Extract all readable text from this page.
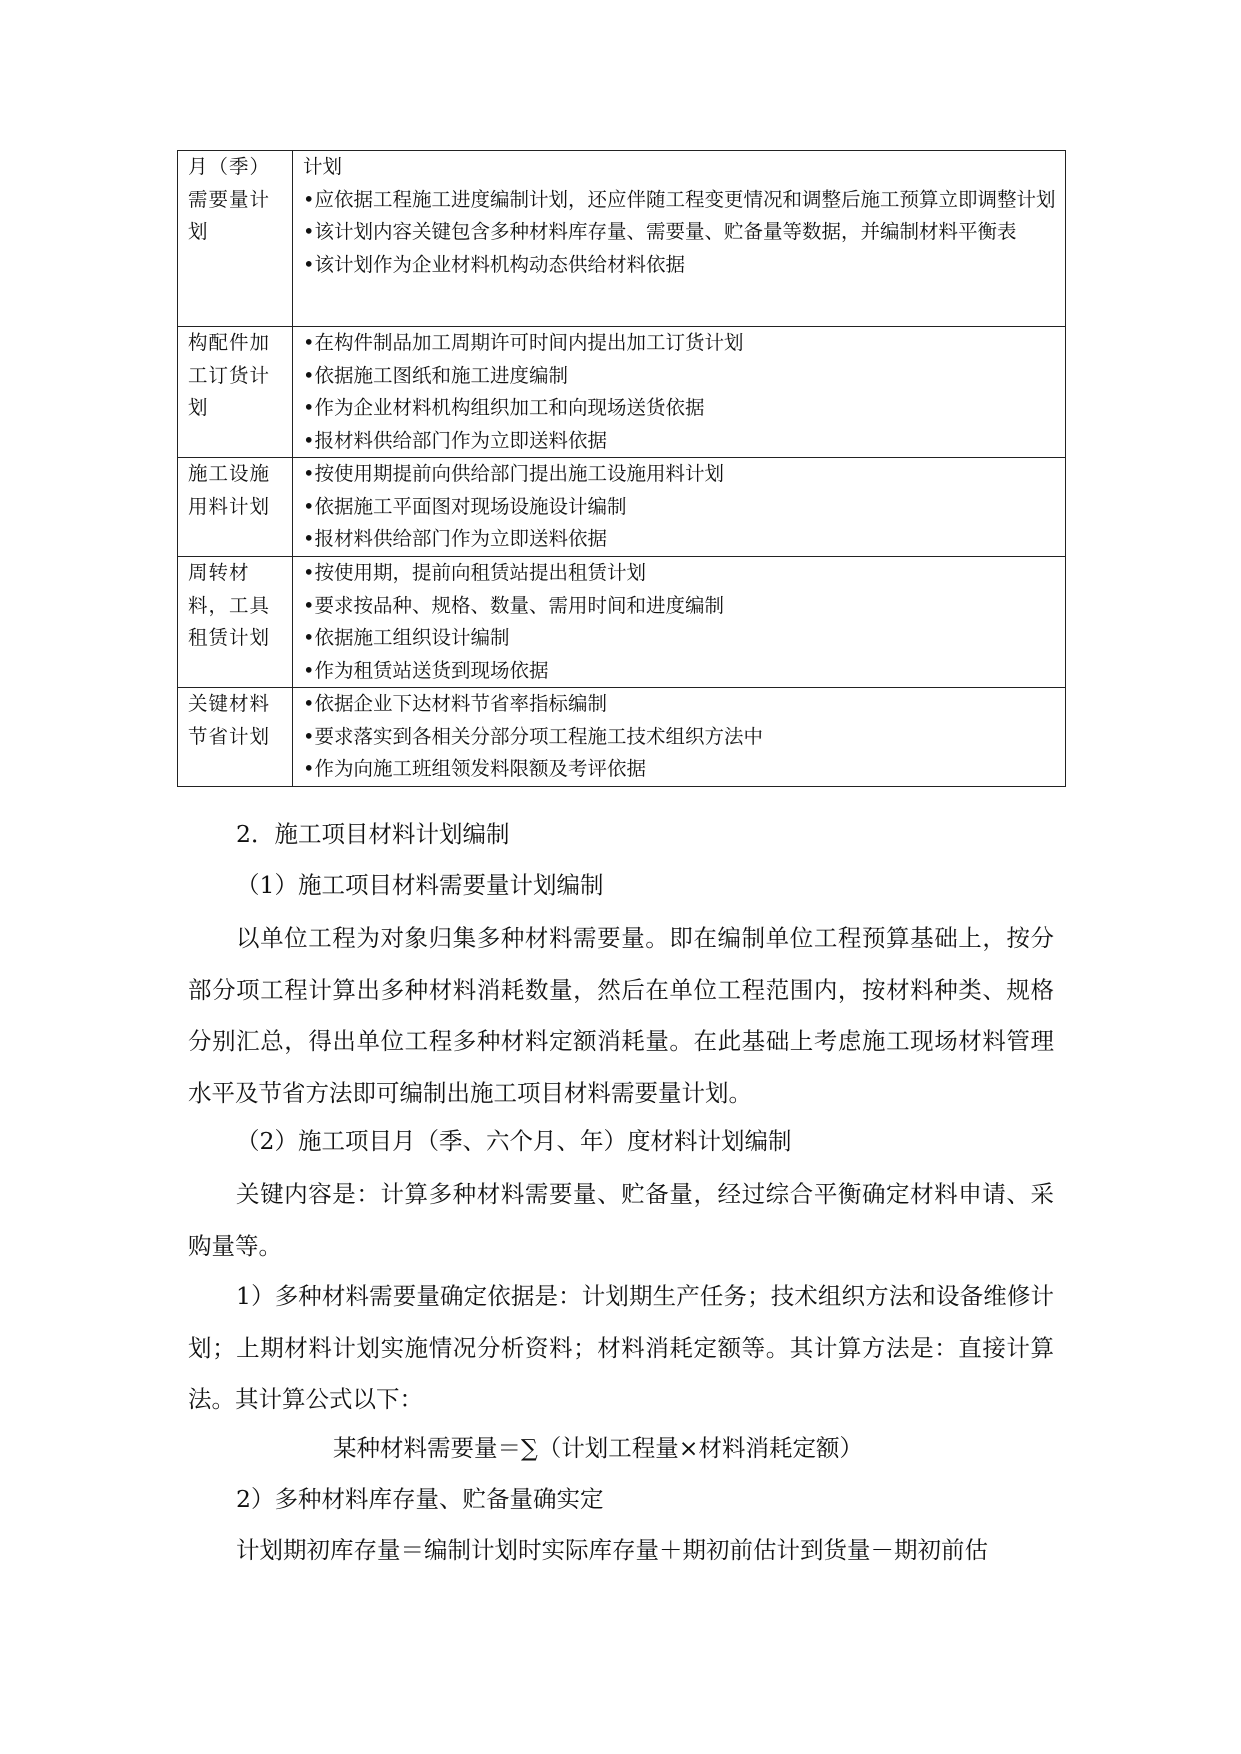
月（季）需要量计划	计划
•应依据工程施工进度编制计划，还应伴随工程变更情况和调整后施工预算立即调整计划
•该计划内容关键包含多种材料库存量、需要量、贮备量等数据，并编制材料平衡表
•该计划作为企业材料机构动态供给材料依据

构配件加工订货计划	•在构件制品加工周期许可时间内提出加工订货计划
•依据施工图纸和施工进度编制
•作为企业材料机构组织加工和向现场送货依据
•报材料供给部门作为立即送料依据

施工设施用料计划	•按使用期提前向供给部门提出施工设施用料计划
•依据施工平面图对现场设施设计编制
•报材料供给部门作为立即送料依据

周转材料，工具租赁计划	•按使用期，提前向租赁站提出租赁计划
•要求按品种、规格、数量、需用时间和进度编制
•依据施工组织设计编制
•作为租赁站送货到现场依据

关键材料节省计划	•依据企业下达材料节省率指标编制
•要求落实到各相关分部分项工程施工技术组织方法中
•作为向施工班组领发料限额及考评依据
2．施工项目材料计划编制
（1）施工项目材料需要量计划编制
以单位工程为对象归集多种材料需要量。即在编制单位工程预算基础上，按分部分项工程计算出多种材料消耗数量，然后在单位工程范围内，按材料种类、规格分别汇总，得出单位工程多种材料定额消耗量。在此基础上考虑施工现场材料管理水平及节省方法即可编制出施工项目材料需要量计划。
（2）施工项目月（季、六个月、年）度材料计划编制
关键内容是：计算多种材料需要量、贮备量，经过综合平衡确定材料申请、采购量等。
1）多种材料需要量确定依据是：计划期生产任务；技术组织方法和设备维修计划；上期材料计划实施情况分析资料；材料消耗定额等。其计算方法是：直接计算法。其计算公式以下：
某种材料需要量＝∑（计划工程量×材料消耗定额）
2）多种材料库存量、贮备量确实定
计划期初库存量＝编制计划时实际库存量＋期初前估计到货量－期初前估
